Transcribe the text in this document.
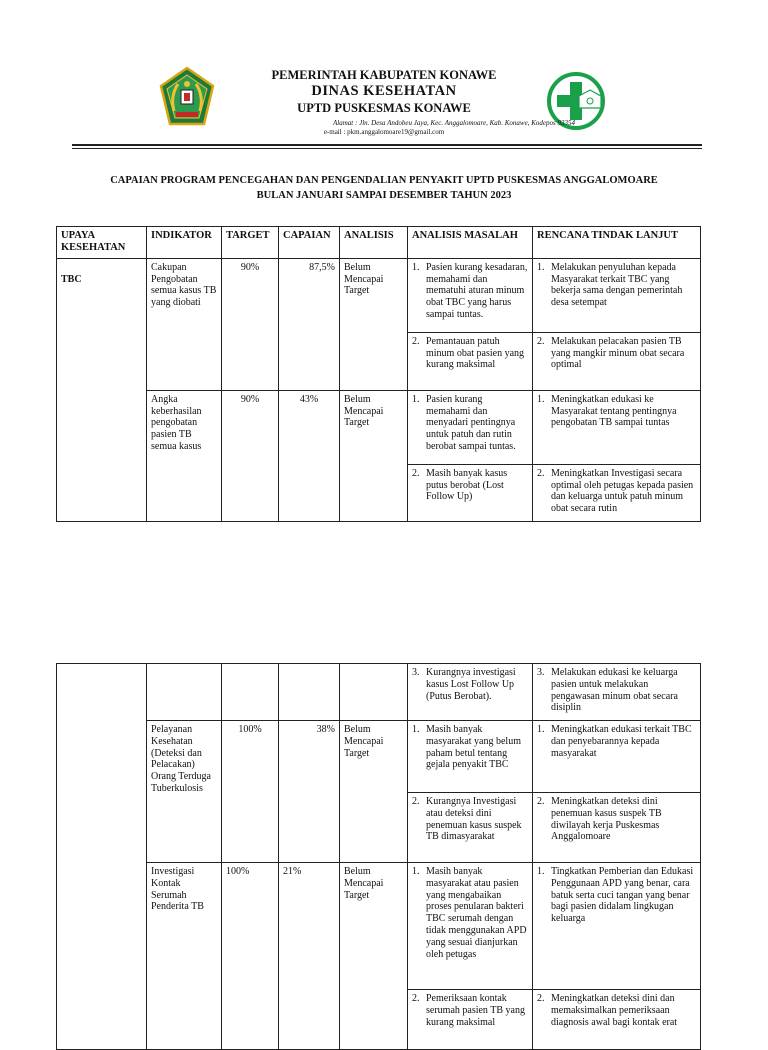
PEMERINTAH KABUPATEN KONAWE
DINAS KESEHATAN
UPTD PUSKESMAS KONAWE
Alamat : Jln. Desa Andobeu Jaya, Kec. Anggalomoare, Kab. Konawe, Kodepos 93354
e-mail : pkm.anggalomoare19@gmail.com
CAPAIAN PROGRAM PENCEGAHAN DAN PENGENDALIAN PENYAKIT UPTD PUSKESMAS ANGGALOMOARE
BULAN JANUARI SAMPAI DESEMBER TAHUN 2023
UPAYA KESEHATAN	INDIKATOR	TARGET	CAPAIAN	ANALISIS	ANALISIS MASALAH	RENCANA TINDAK LANJUT

TBC	Cakupan Pengobatan semua kasus TB yang diobati	90%	87,5%	Belum Mencapai Target	1. Pasien kurang kesadaran, memahami dan mematuhi aturan minum obat TBC yang harus sampai tuntas.	1. Melakukan penyuluhan kepada Masyarakat terkait TBC yang bekerja sama dengan pemerintah desa setempat

					2. Pemantauan patuh minum obat pasien yang kurang maksimal	2. Melakukan pelacakan pasien TB yang mangkir minum obat secara optimal

	Angka keberhasilan pengobatan pasien TB semua kasus	90%	43%	Belum Mencapai Target	1. Pasien kurang memahami dan menyadari pentingnya untuk patuh dan rutin berobat sampai tuntas.	1. Meningkatkan edukasi ke Masyarakat tentang pentingnya pengobatan TB sampai tuntas

					2. Masih banyak kasus putus berobat (Lost Follow Up)	2. Meningkatkan Investigasi secara optimal oleh petugas kepada pasien dan keluarga untuk patuh minum obat secara rutin

					3. Kurangnya investigasi kasus Lost Follow Up (Putus Berobat).	3. Melakukan edukasi ke keluarga pasien untuk melakukan pengawasan minum obat secara disiplin

	Pelayanan Kesehatan (Deteksi dan Pelacakan) Orang Terduga Tuberkulosis	100%	38%	Belum Mencapai Target	1. Masih banyak masyarakat yang belum paham betul tentang gejala penyakit TBC	1. Meningkatkan edukasi terkait TBC dan penyebarannya kepada masyarakat

					2. Kurangnya Investigasi atau deteksi dini penemuan kasus suspek TB dimasyarakat	2. Meningkatkan deteksi dini penemuan kasus suspek TB diwilayah kerja Puskesmas Anggalomoare

	Investigasi Kontak Serumah Penderita TB	100%	21%	Belum Mencapai Target	1. Masih banyak masyarakat atau pasien yang mengabaikan proses penularan bakteri TBC serumah dengan tidak menggunakan APD yang sesuai dianjurkan oleh petugas	1. Tingkatkan Pemberian dan Edukasi Penggunaan APD yang benar, cara batuk serta cuci tangan yang benar bagi pasien didalam lingkugan keluarga

					2. Pemeriksaan kontak serumah pasien TB yang kurang maksimal	2. Meningkatkan deteksi dini dan memaksimalkan pemeriksaan diagnosis awal bagi kontak erat
